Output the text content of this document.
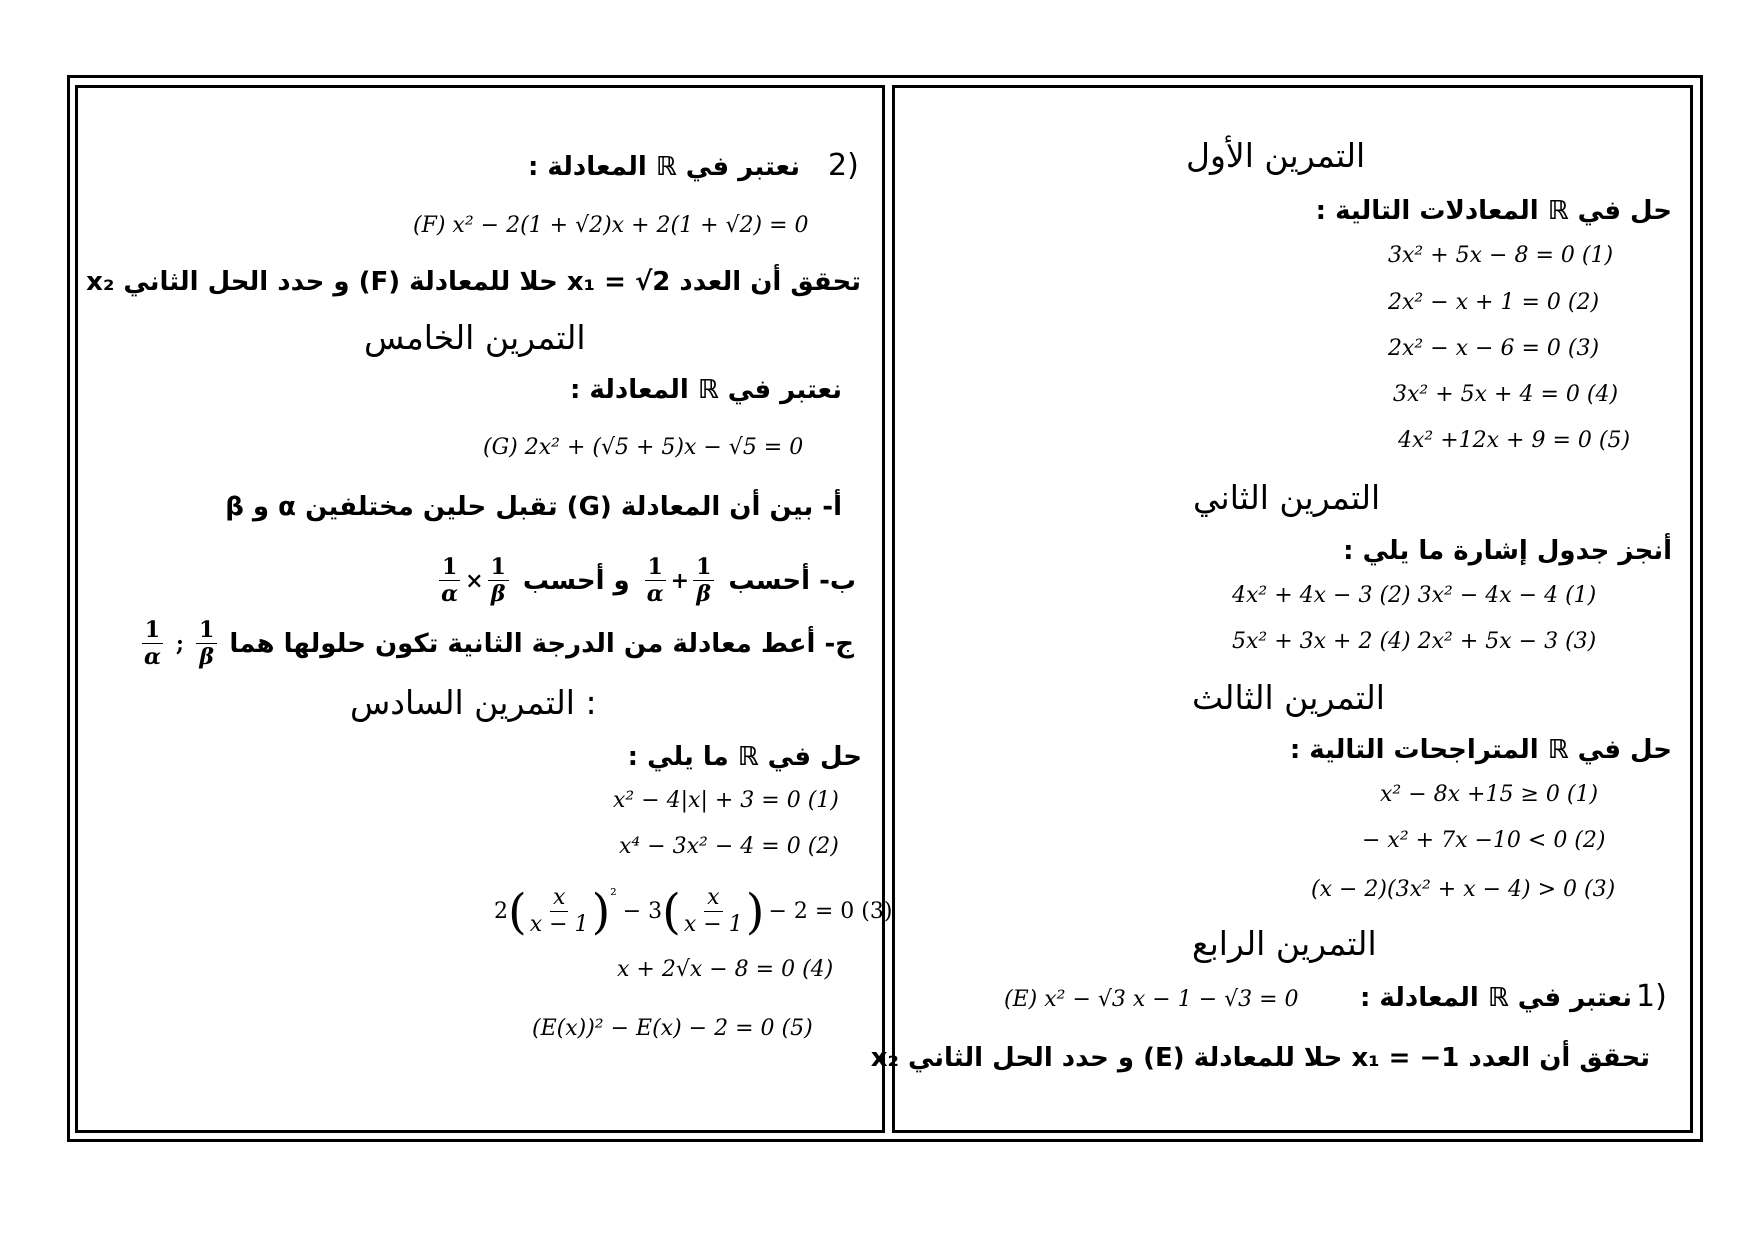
التمرين الأول
حل في ℝ المعادلات التالية :
3x² + 5x − 8 = 0 (1)
2x² − x + 1 = 0 (2)
2x² − x − 6 = 0 (3)
3x² + 5x + 4 = 0 (4)
4x² +12x + 9 = 0 (5)
التمرين الثاني
أنجز جدول إشارة ما يلي :
4x² + 4x − 3 (2) 3x² − 4x − 4 (1)
5x² + 3x + 2 (4) 2x² + 5x − 3 (3)
التمرين الثالث
حل في ℝ المتراجحات التالية :
x² − 8x +15 ≥ 0 (1)
− x² + 7x −10 < 0 (2)
(x − 2)(3x² + x − 4) > 0 (3)
التمرين الرابع
1)
نعتبر في ℝ المعادلة :
(E) x² − √3 x − 1 − √3 = 0
تحقق أن العدد x₁ = −1 حلا للمعادلة (E) و حدد الحل الثاني x₂
2)
نعتبر في ℝ المعادلة :
(F) x² − 2(1 + √2)x + 2(1 + √2) = 0
تحقق أن العدد x₁ = √2 حلا للمعادلة (F) و حدد الحل الثاني x₂
التمرين الخامس
نعتبر في ℝ المعادلة :
(G) 2x² + (√5 + 5)x − √5 = 0
أ- بين أن المعادلة (G) تقبل حلين مختلفين α و β
ب- أحسب
$\frac{1}{\alpha} + \frac{1}{\beta}$
و أحسب
$\frac{1}{\alpha} \times \frac{1}{\beta}$
ج- أعط معادلة من الدرجة الثانية تكون حلولها هما
$\frac{1}{\alpha}$ ; $\frac{1}{\beta}$
التمرين السادس :
حل في ℝ ما يلي :
x² − 4|x| + 3 = 0 (1)
x⁴ − 3x² − 4 = 0 (2)
2 ( $\frac{x}{x - 1}$ ) ²
− 3 ( $\frac{x}{x - 1}$ ) − 2 = 0 (3)
x + 2√x − 8 = 0 (4)
(E(x))² − E(x) − 2 = 0 (5)
